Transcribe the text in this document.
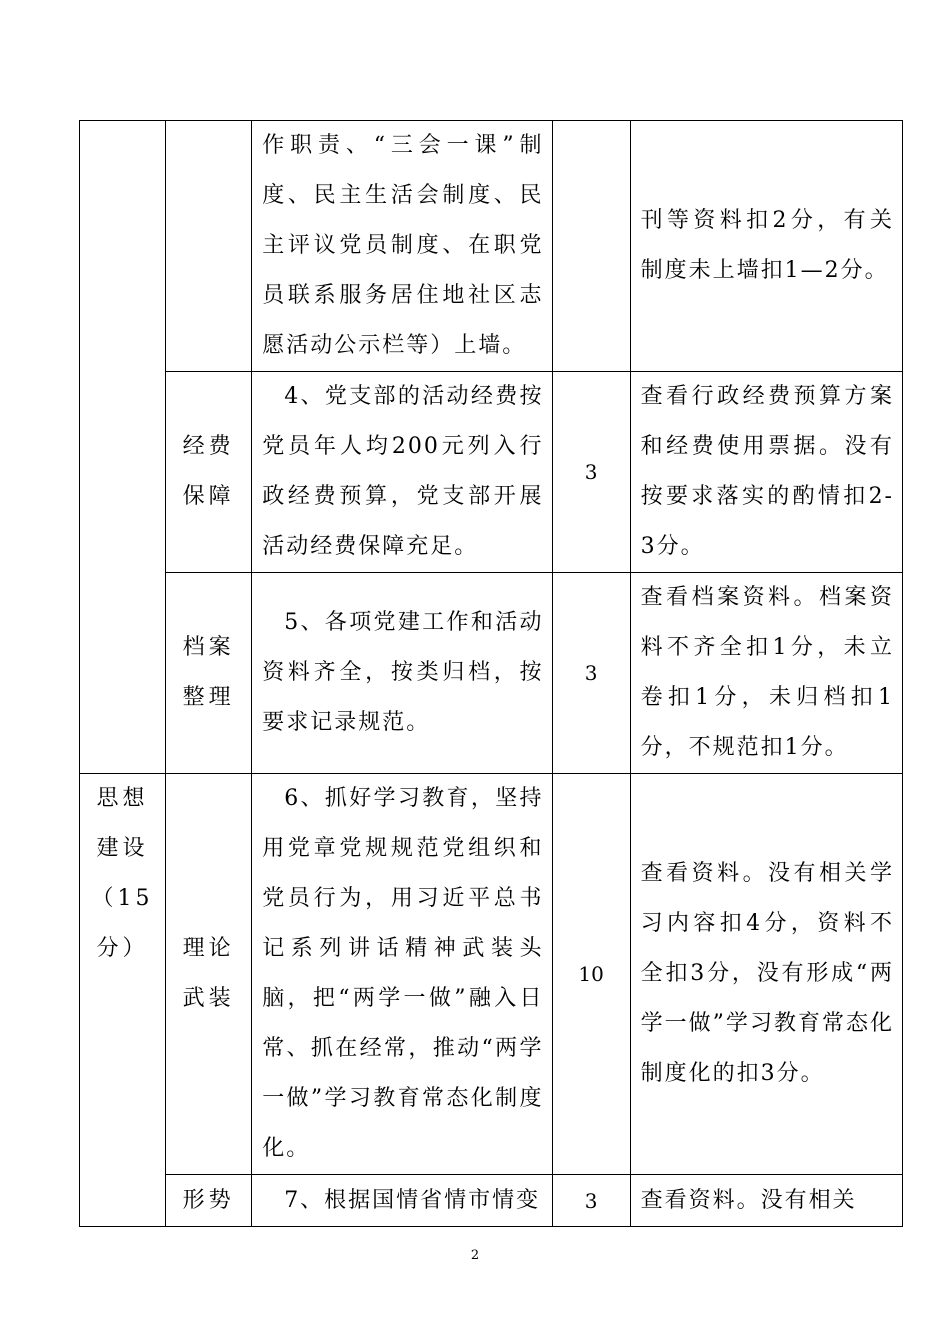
		作职责、“三会一课”制度、民主生活会制度、民主评议党员制度、在职党员联系服务居住地社区志愿活动公示栏等）上墙。		刊等资料扣2分，有关制度未上墙扣1—2分。
	经费保障	4、党支部的活动经费按党员年人均200元列入行政经费预算，党支部开展活动经费保障充足。	3	查看行政经费预算方案和经费使用票据。没有按要求落实的酌情扣2-3分。
	档案整理	5、各项党建工作和活动资料齐全，按类归档，按要求记录规范。	3	查看档案资料。档案资料不齐全扣1分，未立卷扣1分，未归档扣1分，不规范扣1分。
思想建设（15分）	理论武装	6、抓好学习教育，坚持用党章党规规范党组织和党员行为，用习近平总书记系列讲话精神武装头脑，把“两学一做”融入日常、抓在经常，推动“两学一做”学习教育常态化制度化。	10	查看资料。没有相关学习内容扣4分，资料不全扣3分，没有形成“两学一做”学习教育常态化制度化的扣3分。
	形势	7、根据国情省情市情变	3	查看资料。没有相关
2
